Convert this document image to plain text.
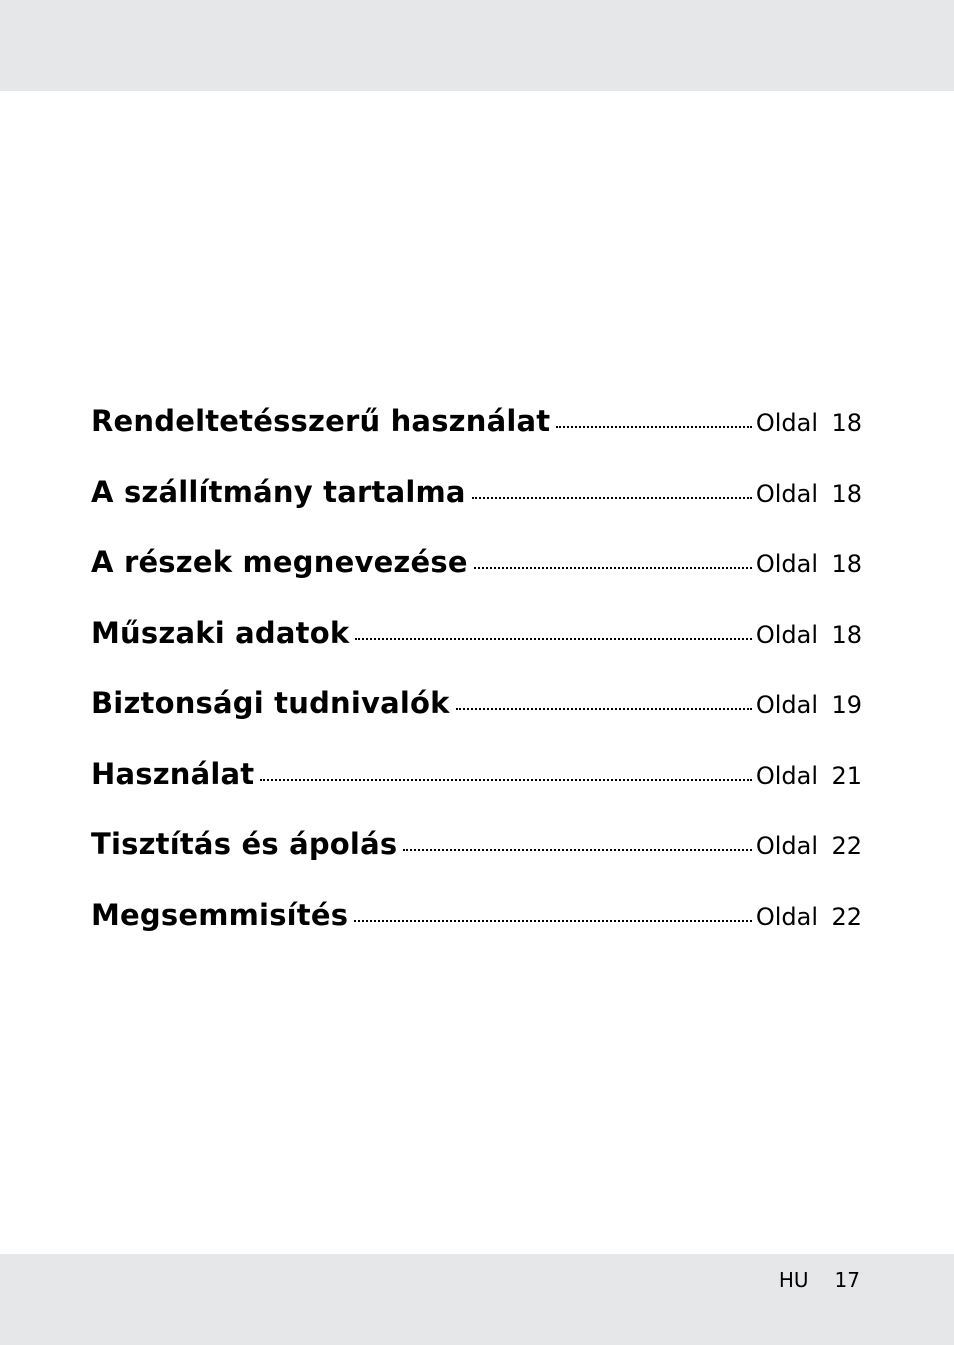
Rendeltetésszerű használat	Oldal 18
A szállítmány tartalma	Oldal 18
A részek megnevezése	Oldal 18
Műszaki adatok	Oldal 18
Biztonsági tudnivalók	Oldal 19
Használat	Oldal 21
Tisztítás és ápolás	Oldal 22
Megsemmisítés	Oldal 22
HU 17
